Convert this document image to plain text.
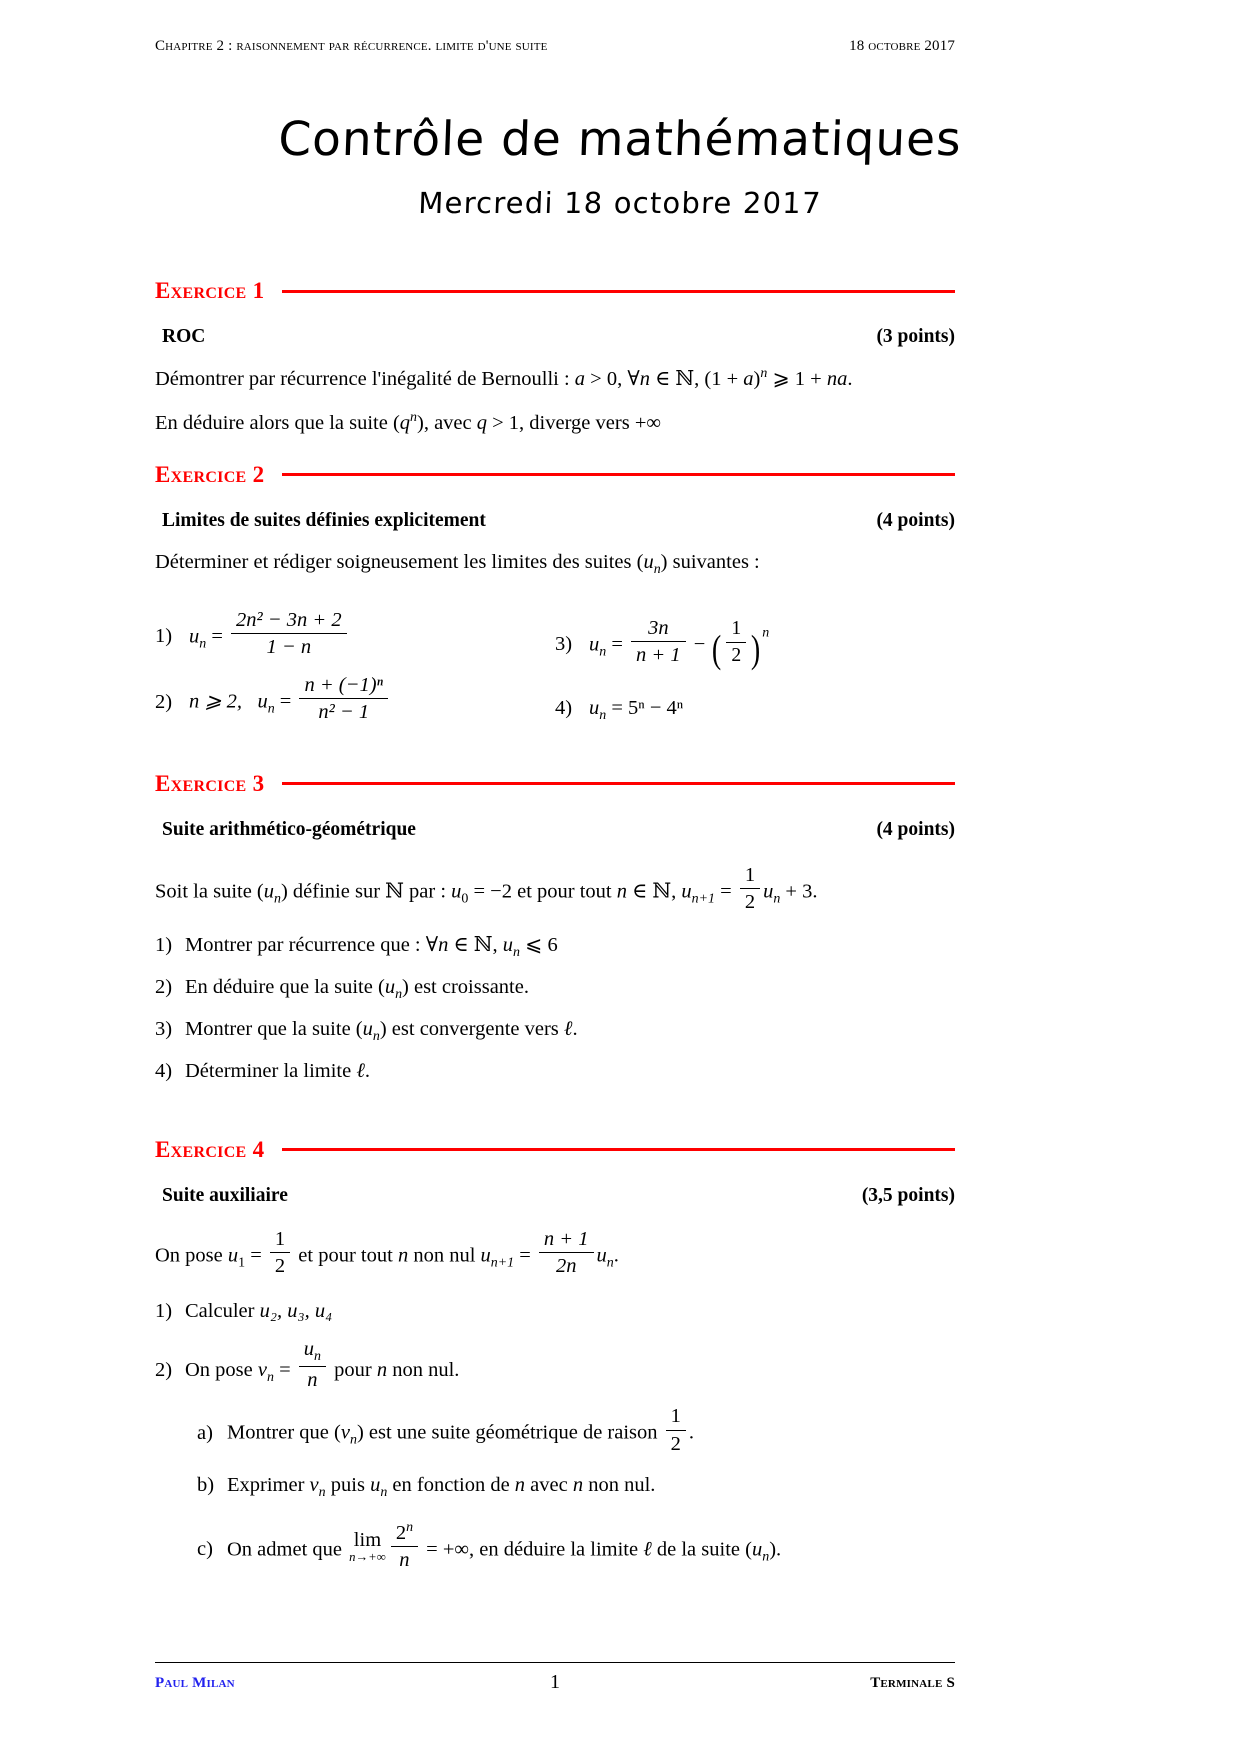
Chapitre 2 : raisonnement par récurrence. limite d'une suite	18 octobre 2017
Contrôle de mathématiques
Mercredi 18 octobre 2017
Exercice 1
ROC	(3 points)
Démontrer par récurrence l'inégalité de Bernoulli : a > 0, ∀n ∈ ℕ, $(1 + a)^n$ ⩾ 1 + na.
En déduire alors que la suite $(q^n)$, avec q > 1, diverge vers +∞
Exercice 2
Limites de suites définies explicitement	(4 points)
Déterminer et rédiger soigneusement les limites des suites $(u_n)$ suivantes :
1) $u_n = \frac{\text{2n² − 3n + 2}}{1 - n}$
2) n ⩾ 2, $u_n = \frac{\text{n + (−1)ⁿ}}{\text{n² − 1}}$
3) $u_n = \frac{3n}{n + 1}$ − ( $\frac{1}{2}$ ) $^n$
4) $u_n = 5^n - 4^n$
Exercice 3
Suite arithmético-géométrique	(4 points)
Soit la suite $(u_n)$ définie sur ℕ par : $u_0 = -2$ et pour tout n ∈ ℕ, $u_{n+1} = \frac{1}{2} u_n + 3$.
1) Montrer par récurrence que : ∀n ∈ ℕ, $u_n$ ⩽ 6
2) En déduire que la suite $(u_n)$ est croissante.
3) Montrer que la suite $(u_n)$ est convergente vers ℓ.
4) Déterminer la limite ℓ.
Exercice 4
Suite auxiliaire	(3,5 points)
On pose $u_1 = \frac{1}{2}$ et pour tout n non nul $u_{n+1} = \frac{n + 1}{2n} u_n$.
1) Calculer u₂, u₃, u₄
2) On pose $v_n = \frac{u_n}{n}$ pour n non nul.
a) Montrer que $(v_n)$ est une suite géométrique de raison $\frac{1}{2}$ .
b) Exprimer $v_n$ puis $u_n$ en fonction de n avec n non nul.
c) On admet que lim
$n\to+\infty \frac{2^n}{n}$ = +∞, en déduire la limite ℓ de la suite $(u_n)$.
Paul Milan	1	Terminale S
